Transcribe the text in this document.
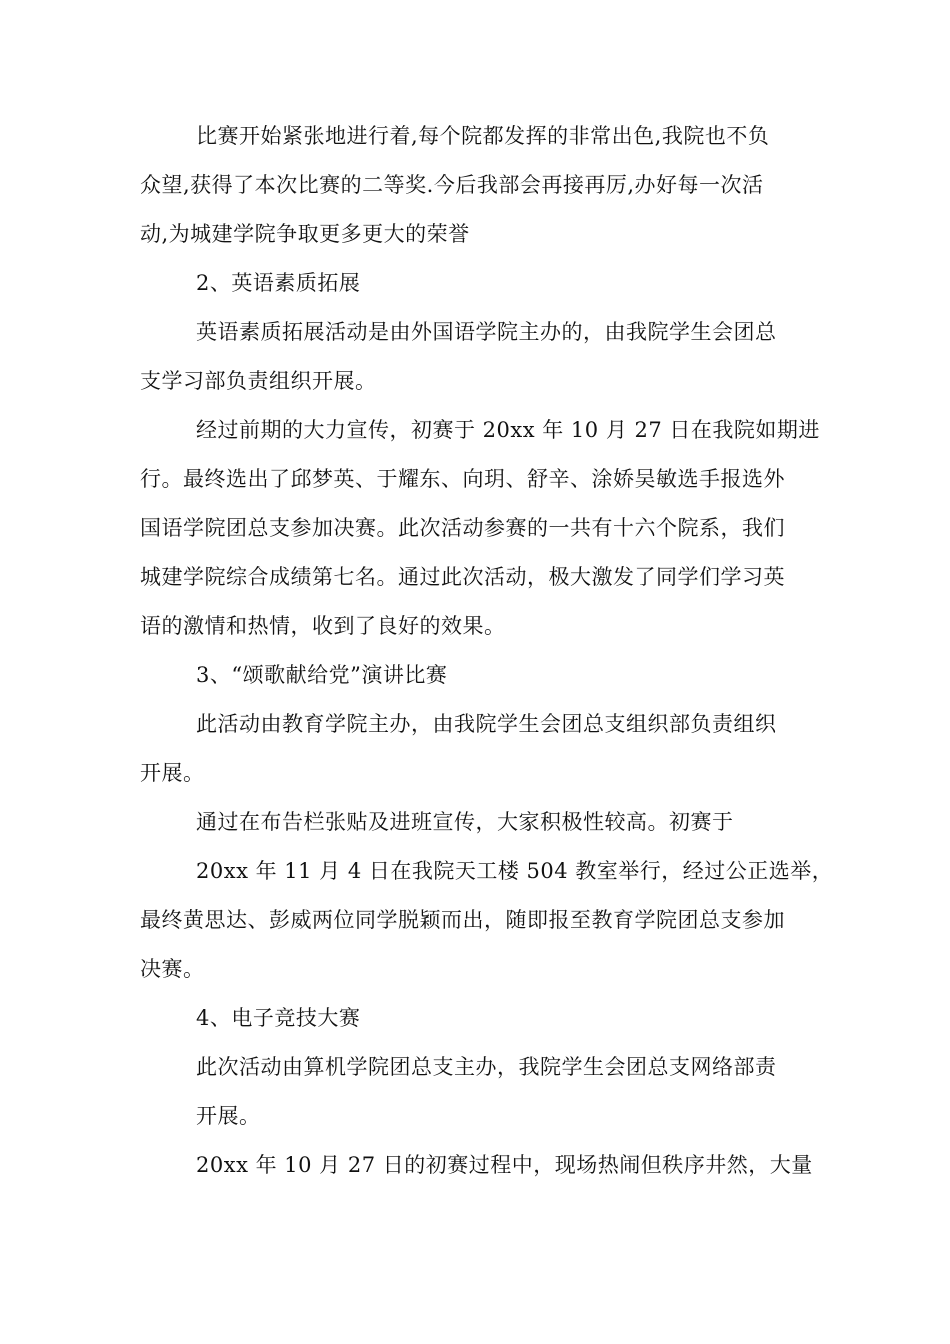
比赛开始紧张地进行着,每个院都发挥的非常出色,我院也不负
众望,获得了本次比赛的二等奖.今后我部会再接再厉,办好每一次活
动,为城建学院争取更多更大的荣誉
2、英语素质拓展
英语素质拓展活动是由外国语学院主办的，由我院学生会团总
支学习部负责组织开展。
经过前期的大力宣传，初赛于 20xx 年 10 月 27 日在我院如期进
行。最终选出了邱梦英、于耀东、向玥、舒辛、涂娇吴敏选手报选外
国语学院团总支参加决赛。此次活动参赛的一共有十六个院系，我们
城建学院综合成绩第七名。通过此次活动，极大激发了同学们学习英
语的激情和热情，收到了良好的效果。
3、“颂歌献给党”演讲比赛
此活动由教育学院主办，由我院学生会团总支组织部负责组织
开展。
通过在布告栏张贴及进班宣传，大家积极性较高。初赛于
20xx 年 11 月 4 日在我院天工楼 504 教室举行，经过公正选举，
最终黄思达、彭威两位同学脱颖而出，随即报至教育学院团总支参加
决赛。
4、电子竞技大赛
此次活动由算机学院团总支主办，我院学生会团总支网络部责
开展。
20xx 年 10 月 27 日的初赛过程中，现场热闹但秩序井然，大量
